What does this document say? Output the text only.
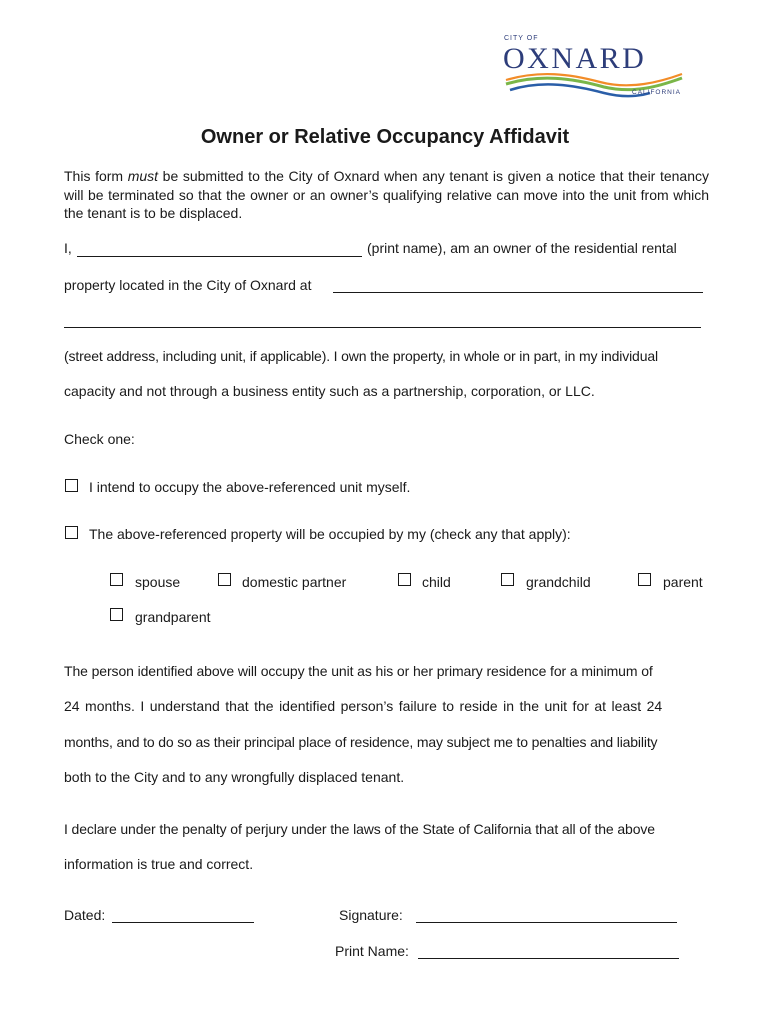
CITY OF
OXNARD
CALIFORNIA
Owner or Relative Occupancy Affidavit
This form must be submitted to the City of Oxnard when any tenant is given a notice that their tenancy will be terminated so that the owner or an owner’s qualifying relative can move into the unit from which the tenant is to be displaced.
I,	(print name), am an owner of the residential rental
property located in the City of Oxnard at
(street address, including unit, if applicable). I own the property, in whole or in part, in my individual
capacity and not through a business entity such as a partnership, corporation, or LLC.
Check one:
I intend to occupy the above-referenced unit myself.
The above-referenced property will be occupied by my (check any that apply):
spouse	domestic partner	child	grandchild	parent
grandparent
The person identified above will occupy the unit as his or her primary residence for a minimum of
24 months. I understand that the identified person’s failure to reside in the unit for at least 24
months, and to do so as their principal place of residence, may subject me to penalties and liability
both to the City and to any wrongfully displaced tenant.
I declare under the penalty of perjury under the laws of the State of California that all of the above
information is true and correct.
Dated:	Signature:
Print Name:
